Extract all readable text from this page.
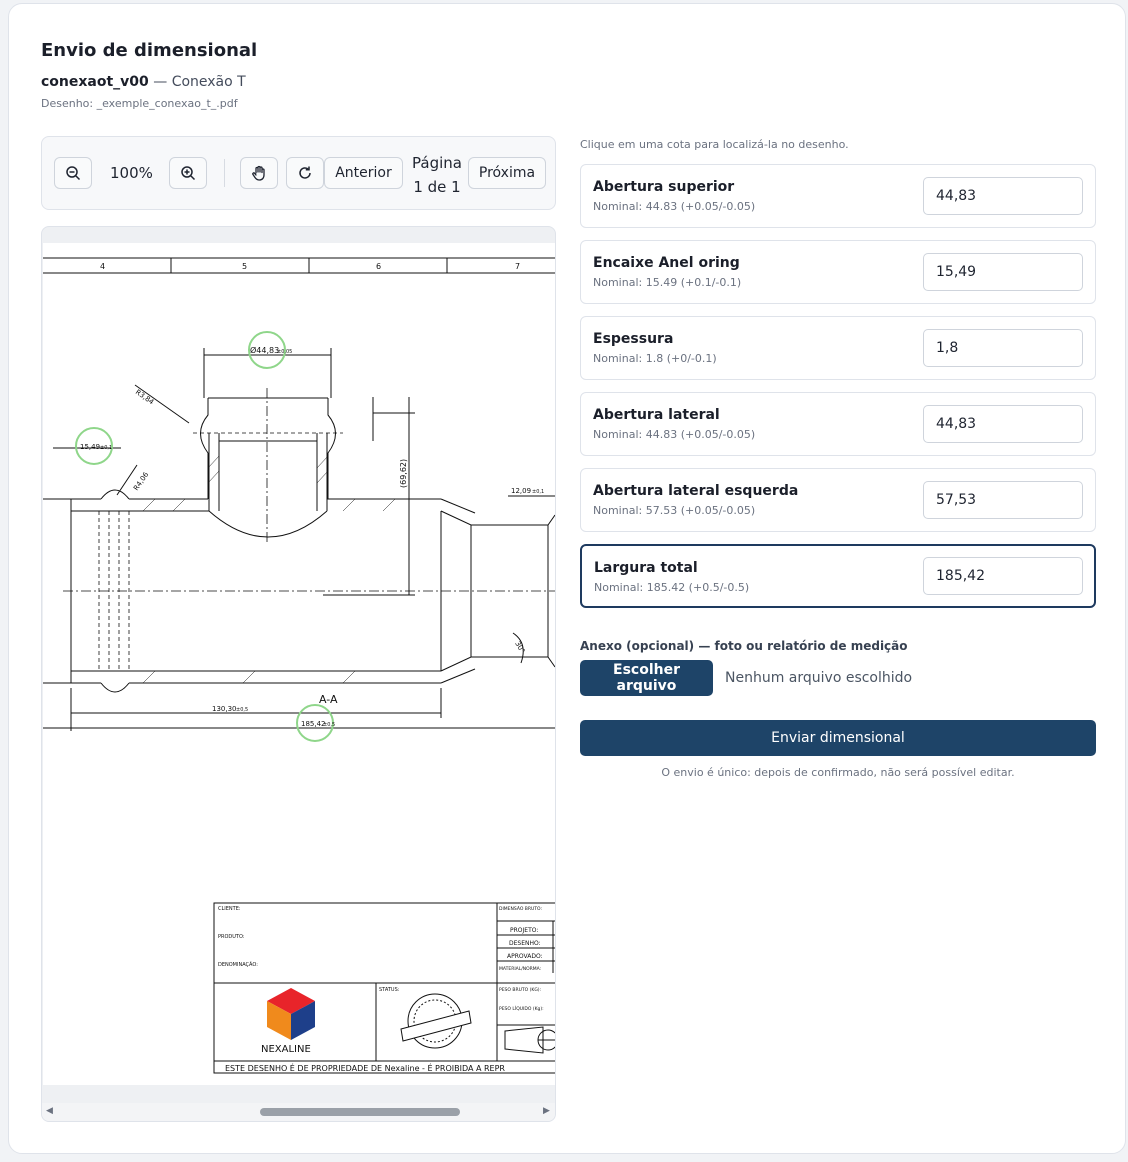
Envio de dimensional
conexaot_v00 — Conexão T
Desenho: _exemple_conexao_t_.pdf
100%	Anterior
Página
1 de 1
Próxima
4	5	6	7
Ø44,83
±0,05
R3,84
15,49 ±0,1
R4,06	(69,62)
12,09 ±0,1
30°
A-A
130,30 ±0,5
185,42
±0,5
CLIENTE:
PRODUTO:
DENOMINAÇÃO:
DIMENSÃO BRUTO:
PROJETO:
DESENHO:
APROVADO:
MATERIAL/NORMA:
STATUS:	PESO BRUTO (KG):
PESO LÍQUIDO (Kg):
NEXALINE
ESTE DESENHO É DE PROPRIEDADE DE Nexaline - É PROIBIDA A REPR
◀	▶
Clique em uma cota para localizá-la no desenho.
Abertura superior
Nominal: 44.83 (+0.05/-0.05)
44,83
Encaixe Anel oring
Nominal: 15.49 (+0.1/-0.1)
15,49
Espessura
Nominal: 1.8 (+0/-0.1)
1,8
Abertura lateral
Nominal: 44.83 (+0.05/-0.05)
44,83
Abertura lateral esquerda
Nominal: 57.53 (+0.05/-0.05)
57,53
Largura total
Nominal: 185.42 (+0.5/-0.5)
185,42
Anexo (opcional) — foto ou relatório de medição
Escolher arquivo	Nenhum arquivo escolhido
Enviar dimensional
O envio é único: depois de confirmado, não será possível editar.
